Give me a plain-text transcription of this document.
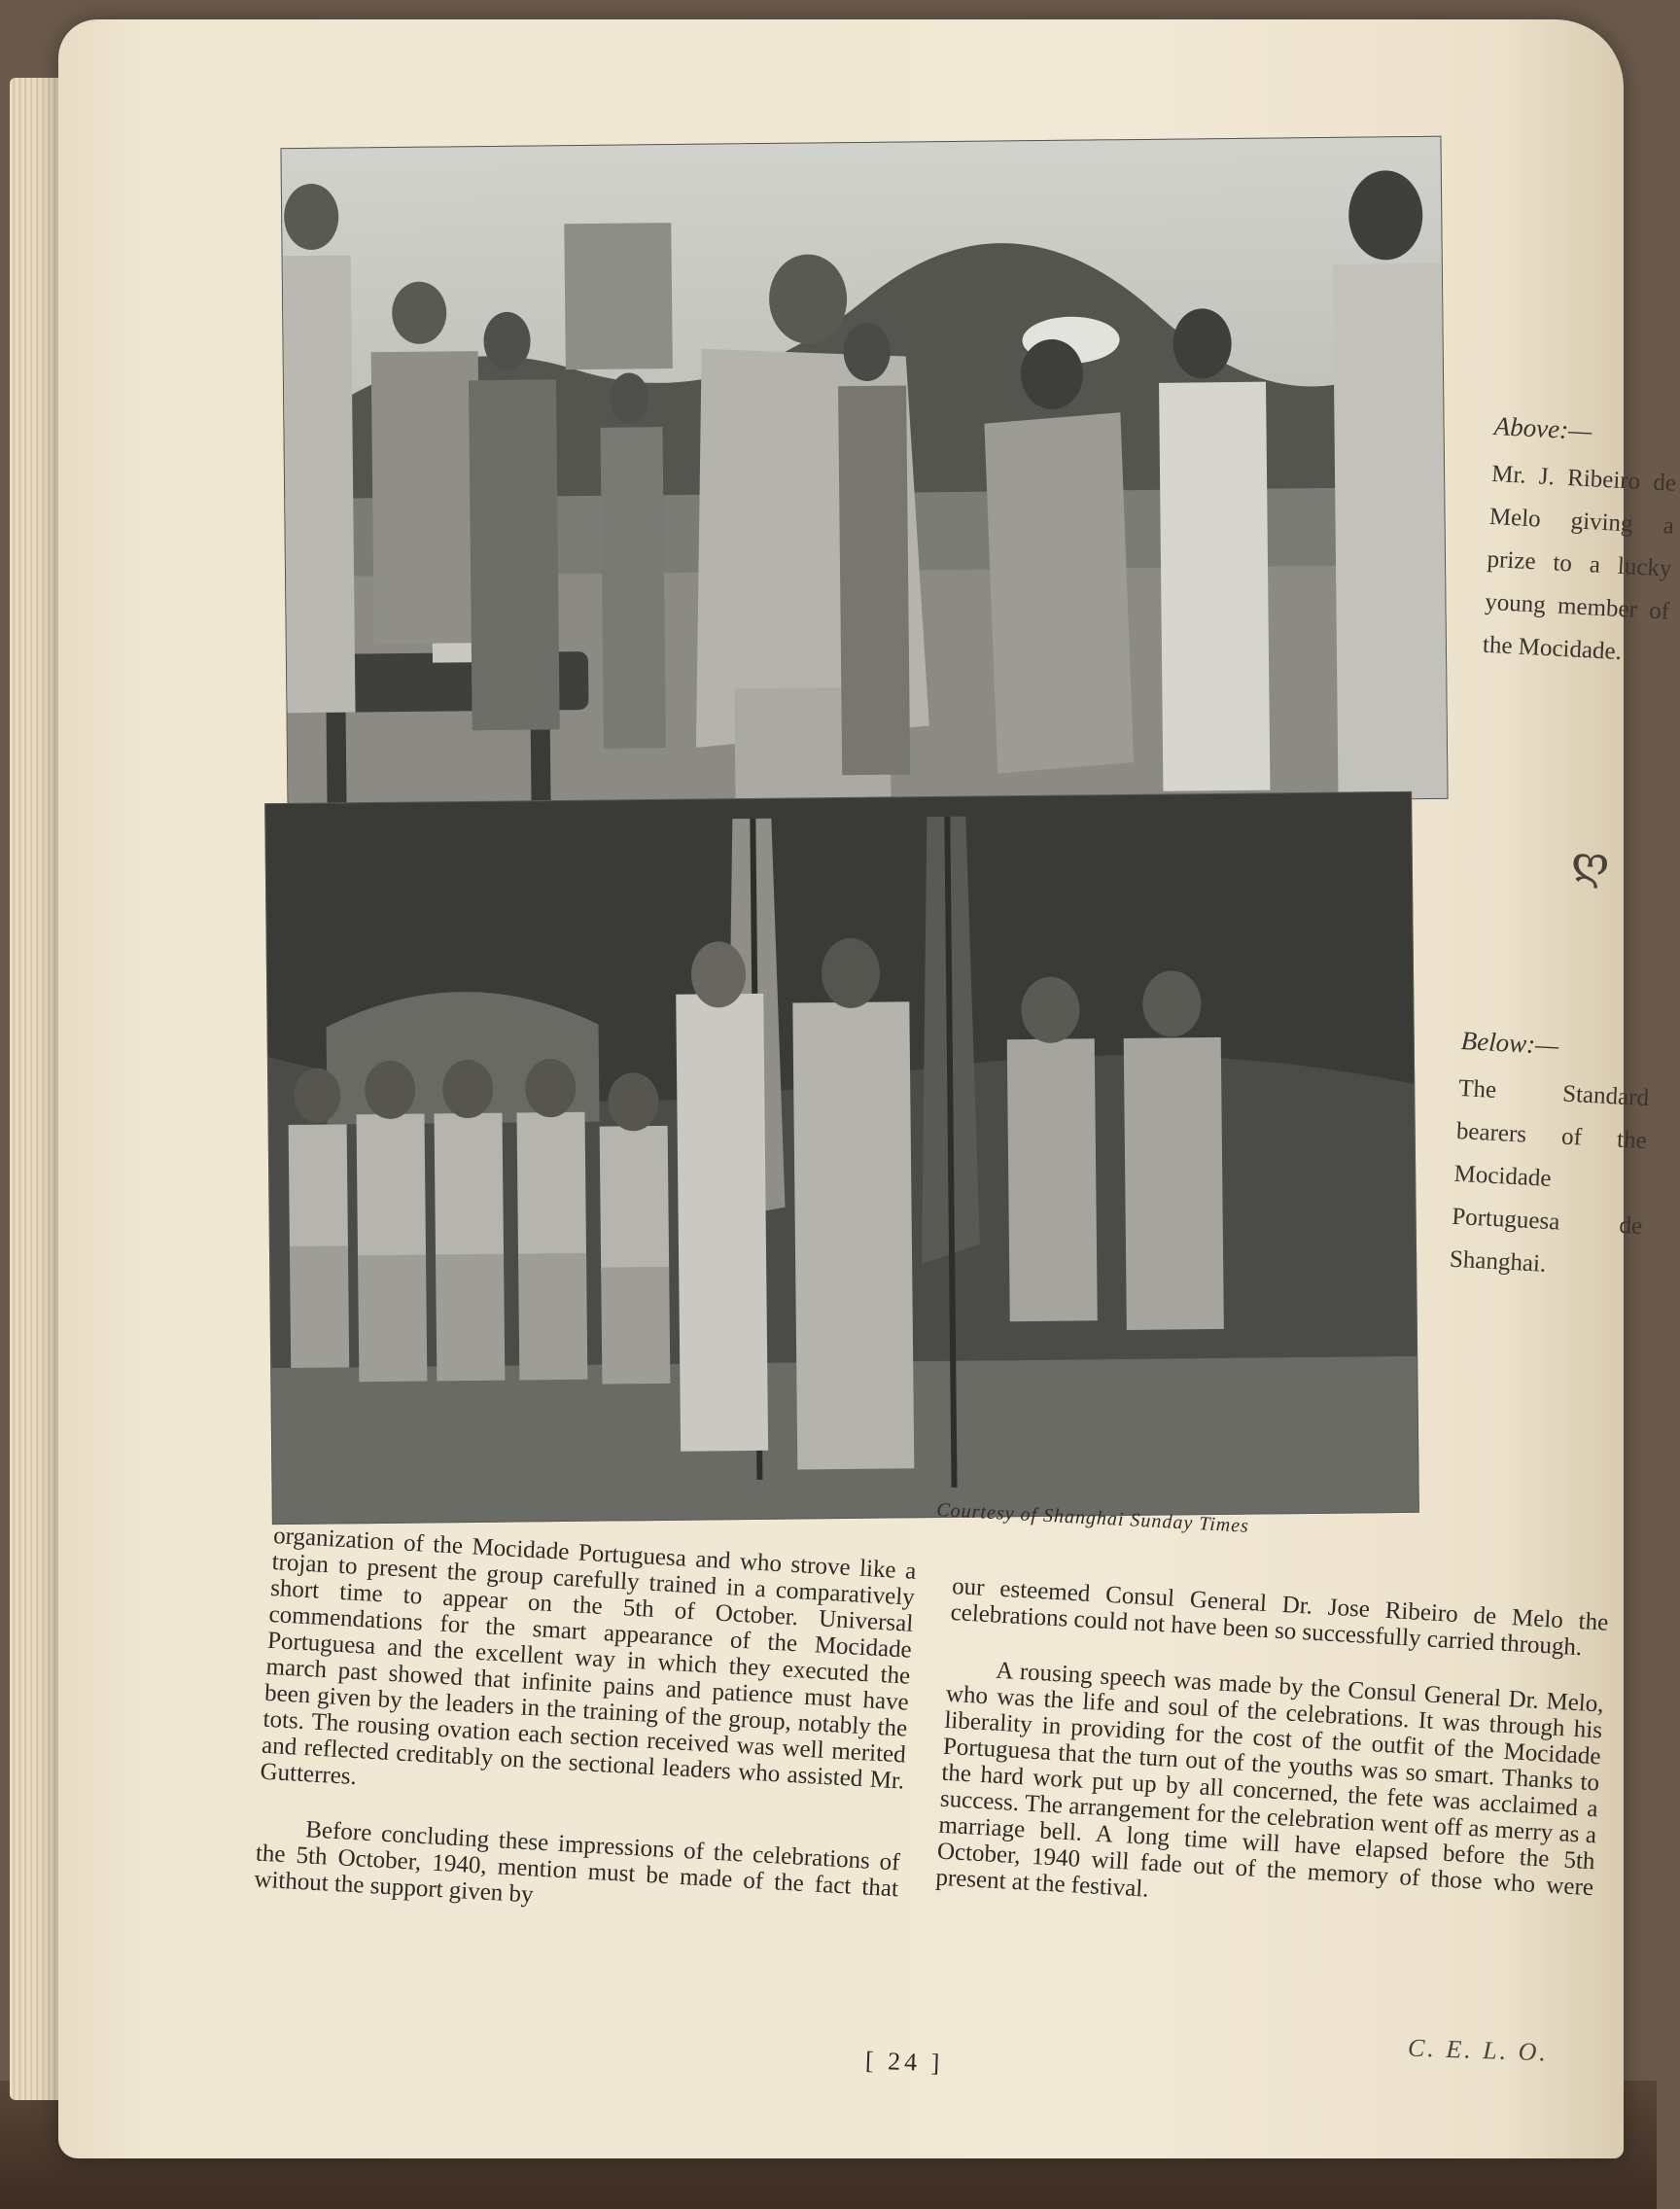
Above:—
Mr. J. Ribeiro de Melo giving a prize to a lucky young member of the Mocidade.
ღ
Below:—
The Standard bearers of the Mocidade Portuguesa de Shanghai.
Courtesy of Shanghai Sunday Times

organization of the Mocidade Portuguesa and who strove like a trojan to present the group carefully trained in a comparatively short time to appear on the 5th of October. Universal commendations for the smart appearance of the Mocidade Portuguesa and the excellent way in which they executed the march past showed that infinite pains and patience must have been given by the leaders in the training of the group, notably the tots. The rousing ovation each section received was well merited and reflected creditably on the sectional leaders who assisted Mr. Gutterres.

Before concluding these impressions of the celebrations of the 5th October, 1940, mention must be made of the fact that without the support given by

our esteemed Consul General Dr. Jose Ribeiro de Melo the celebrations could not have been so successfully carried through.

A rousing speech was made by the Consul General Dr. Melo, who was the life and soul of the celebrations. It was through his liberality in providing for the cost of the outfit of the Mocidade Portuguesa that the turn out of the youths was so smart. Thanks to the hard work put up by all concerned, the fete was acclaimed a success. The arrangement for the celebration went off as merry as a marriage bell. A long time will have elapsed before the 5th October, 1940 will fade out of the memory of those who were present at the festival.

[ 24 ]	C. E. L. O.
